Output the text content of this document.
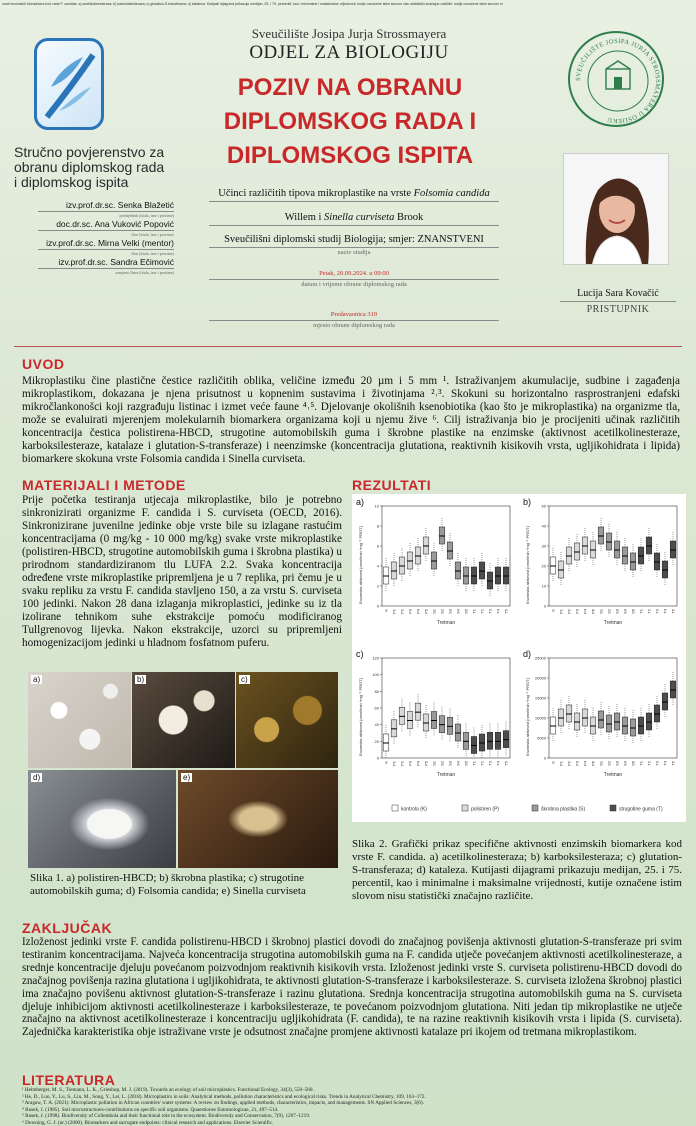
nosti enzimskih biomarkera kod vrste F. candida. a) acetilkolinesteraza; b) karboksilesteraza; c) glutation-S-transferaza; d) kataleza. Kutijasti dijagrami prikazuju medijan, 25. i 75. percentil, kao i minimalne i maksimalne vrijednosti, kutije označene istim slovom nisu statistički značajno različite. kutije označene istim slovom ni
Stručno povjerenstvo za
obranu diplomskog rada
i diplomskog ispita
izv.prof.dr.sc. Senka Blažetić
predsjednik (titula, ime i prezime)
doc.dr.sc. Ana Vuković Popović
član (titula, ime i prezime)
izv.prof.dr.sc. Mirna Velki (mentor)
član (titula, ime i prezime)
izv.prof.dr.sc. Sandra Ečimović
zamjena člana (titula, ime i prezime)
Sveučilište Josipa Jurja Strossmayera
ODJEL ZA BIOLOGIJU
POZIV NA OBRANU
DIPLOMSKOG RADA I
DIPLOMSKOG ISPITA
Učinci različitih tipova mikroplastike na vrste Folsomia candida
Willem i Sinella curviseta Brook
Sveučilišni diplomski studij Biologija; smjer: ZNANSTVENI
naziv studija
Petak, 20.09.2024. u 09:00
datum i vrijeme obrane diplomskog rada
Predavaonica 319
mjesto obrane diplomskog rada
SVEUČILIŠTE JOSIPA JURJA STROSSMAYERA U OSIJEKU
Lucija Sara Kovačić
PRISTUPNIK
UVOD
Mikroplastiku čine plastične čestice različitih oblika, veličine između 20 µm i 5 mm ¹. Istraživanjem akumulacije, sudbine i zagađenja mikroplastikom, dokazana je njena prisutnost u kopnenim sustavima i životinjama ²˒³. Skokuni su horizontalno rasprostranjeni edafski mikročlankonošci koji razgrađuju listinac i izmet veće faune ⁴˒⁵. Djelovanje okolišnih ksenobiotika (kao što je mikroplastika) na organizme tla, može se evaluirati mjerenjem molekularnih biomarkera organizama koji u njemu žive ⁶. Cilj istraživanja bio je procijeniti učinak različitih koncentracija čestica polistirena-HBCD, strugotine automobilskih guma i škrobne plastike na enzimske (aktivnost acetilkolinesteraze, karboksilesteraze, katalaze i glutation-S-transferaze) i neenzimske (koncentracija glutationa, reaktivnih kisikovih vrsta, ugljikohidrata i lipida) biomarkere skokuna vrste Folsomia candida i Sinella curviseta.
MATERIJALI I METODE
Prije početka testiranja utjecaja mikroplastike, bilo je potrebno sinkronizirati organizme F. candida i S. curviseta (OECD, 2016). Sinkronizirane juvenilne jedinke obje vrste bile su izlagane rastućim koncentracijama (0 mg/kg - 10 000 mg/kg) svake vrste mikroplastike (polistiren-HBCD, strugotine automobilskih guma i škrobna plastika) u prirodnom standardiziranom tlu LUFA 2.2. Svaka koncentracija određene vrste mikroplastike pripremljena je u 7 replika, pri čemu je u svaku repliku za vrstu F. candida stavljeno 150, a za vrstu S. curviseta 100 jedinki. Nakon 28 dana izlaganja mikroplastici, jedinke su iz tla izolirane tehnikom suhe ekstrakcije pomoću modificiranog Tullgrenovog lijevka. Nakon ekstrakcije, uzorci su pripremljeni homogenizacijom jedinki u hladnom fosfatnom puferu.
REZULTATI
a)
Enzimska aktivnost [nmol/min *mg⁻¹ PROT]
0
2
4
6
8
10
K P1 P2 P3 P4 P5 S1 S2 S3 S4 S5 T1 T2 T3 T4 T5
Tretman
b)
Enzimska aktivnost [nmol/min *mg⁻¹ PROT]
0
10
20
30
40
50
K P1 P2 P3 P4 P5 S1 S2 S3 S4 S5 T1 T2 T3 T4 T5
Tretman
c)
Enzimska aktivnost [nmol/min *mg⁻¹ PROT]
0
20
40
60
80
100
120
K P1 P2 P3 P4 P5 S1 S2 S3 S4 S5 T1 T2 T3 T4 T5
Tretman
d)
Enzimska aktivnost [nmol/min *mg⁻¹ PROT]
0
5000
10000
15000
20000
25000
K P1 P2 P3 P4 P5 S1 S2 S3 S4 S5 T1 T2 T3 T4 T5
Tretman
kontrola (K)	polistiren (P)	škrobna plastika (S)	strugotine guma (T)
a)	b)	c)
d)	e)
Slika 1. a) polistiren-HBCD; b) škrobna plastika; c) strugotine automobilskih guma; d) Folsomia candida; e) Sinella curviseta
Slika 2. Grafički prikaz specifične aktivnosti enzimskih biomarkera kod vrste F. candida. a) acetilkolinesteraza; b) karboksilesteraza; c) glutation-S-transferaza; d) kataleza. Kutijasti dijagrami prikazuju medijan, 25. i 75. percentil, kao i minimalne i maksimalne vrijednosti, kutije označene istim slovom nisu statistički značajno različite.
ZAKLJUČAK
Izloženost jedinki vrste F. candida polistirenu-HBCD i škrobnoj plastici dovodi do značajnog povišenja aktivnosti glutation-S-transferaze pri svim testiranim koncentracijama. Najveća koncentracija strugotina automobilskih guma na F. candida utječe povećanjem aktivnosti acetilkolinesteraze, a srednje koncentracije djeluju povećanom poizvodnjom reaktivnih kisikovih vrsta. Izloženost jedinki vrste S. curviseta polistirenu-HBCD dovodi do značajnog povišenja razina glutationa i ugljikohidrata, te aktivnosti glutation-S-transferaze i karboksilesteraze. S. curviseta izložena škrobnoj plastici ima značajno povišenu aktivnost glutation-S-transferaze i razinu glutationa. Srednja koncentracija strugotina automobilskih guma na S. curviseta djeluje inhibicijom aktivnosti acetilkolinesteraze i karboksilesteraze, te povećanom poizvodnjom glutationa. Niti jedan tip mikroplastike ne utječe značajno na aktivnost acetilkolinesteraze i koncentraciju ugljikohidrata (F. candida), te na razine reaktivnih kisikovih vrsta i lipida (S. curviseta). Zajednička karakteristika obje istraživane vrste je odsutnost značajne promjene aktivnosti katalaze pri ikojem od tretmana mikroplastikom.
LITERATURA
¹ Helmberger, M. S., Tiemann, L. K., Grieshop, M. J. (2019). Towards an ecology of soil microplastics. Functional Ecology, 34(3), 550–560.
² He, D., Luo, Y., Lu, S., Liu, M., Song, Y., Lei, L. (2018). Microplastics in soils: Analytical methods, pollution characteristics and ecological risks. Trends in Analytical Chemistry, 109, 163–172.
³ Aragaw, T. A. (2021). Microplastic pollution in African countries' water systems: A review on findings, applied methods, characteristics, impacts, and managements. SN Applied Sciences, 3(6).
⁴ Rusek, J. (1985). Soil microstructures-contributions on specific soil organisms. Quaestiones Entomologicae, 21, 497–514.
⁵ Rusek, J. (1998). Biodiversity of Collembola and their functional role in the ecosystem. Biodiversity and Conservation, 7(9), 1207–1219.
⁶ Downing, G. J. (ur.) (2000). Biomarkers and surrogate endpoints: clinical research and applications. Elsevier Scientific.
